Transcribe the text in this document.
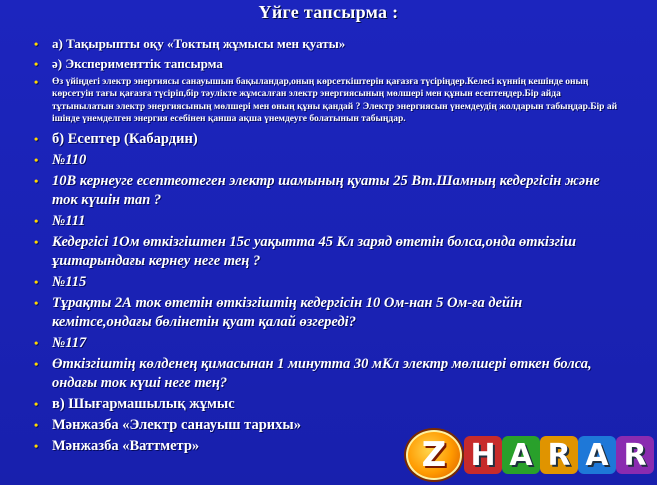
Үйге тапсырма :
• а) Тақырыпты оқу «Токтың жұмысы мен қуаты»
• ә) Эксперименттік тапсырма
• Өз үйіңдегі электр энергиясы санауышын бақыландар,оның көрсеткіштерін қағазға түсіріңдер.Келесі күннің кешінде оның көрсетуін тағы қағазға түсіріп,бір тәулікте жұмсалған электр энергиясының мөлшері мен құнын есептеңдер.Бір айда тұтынылатын электр энергиясының мөлшері мен оның құны қандай ? Электр энергиясын үнемдеудің жолдарын табыңдар.Бір ай ішінде үнемделген энергия есебінен қанша ақша үнемдеуге болатынын табыңдар.
• б) Есептер (Кабардин)
• №110
• 10В кернеуге есептеотеген электр шамының қуаты 25 Вт.Шамның кедергісін және ток күшін тап ?
• №111
• Кедергісі 1Ом өткізгіштен 15с уақытта 45 Кл заряд өтетін болса,онда өткізгіш ұштарындағы кернеу неге тең ?
• №115
• Тұрақты 2А ток өтетін өткізгіштің кедергісін 10 Ом-нан 5 Ом-ға дейін кемітсе,ондағы бөлінетін қуат қалай өзгереді?
• №117
• Өткізгіштің көлденең қимасынан 1 минутта 30 мКл электр мөлшері өткен болса, ондағы ток күші неге тең?
• в) Шығармашылық жұмыс
• Мәнжазба «Электр санауыш тарихы»
• Мәнжазба «Ваттметр»	Z H A R A R
